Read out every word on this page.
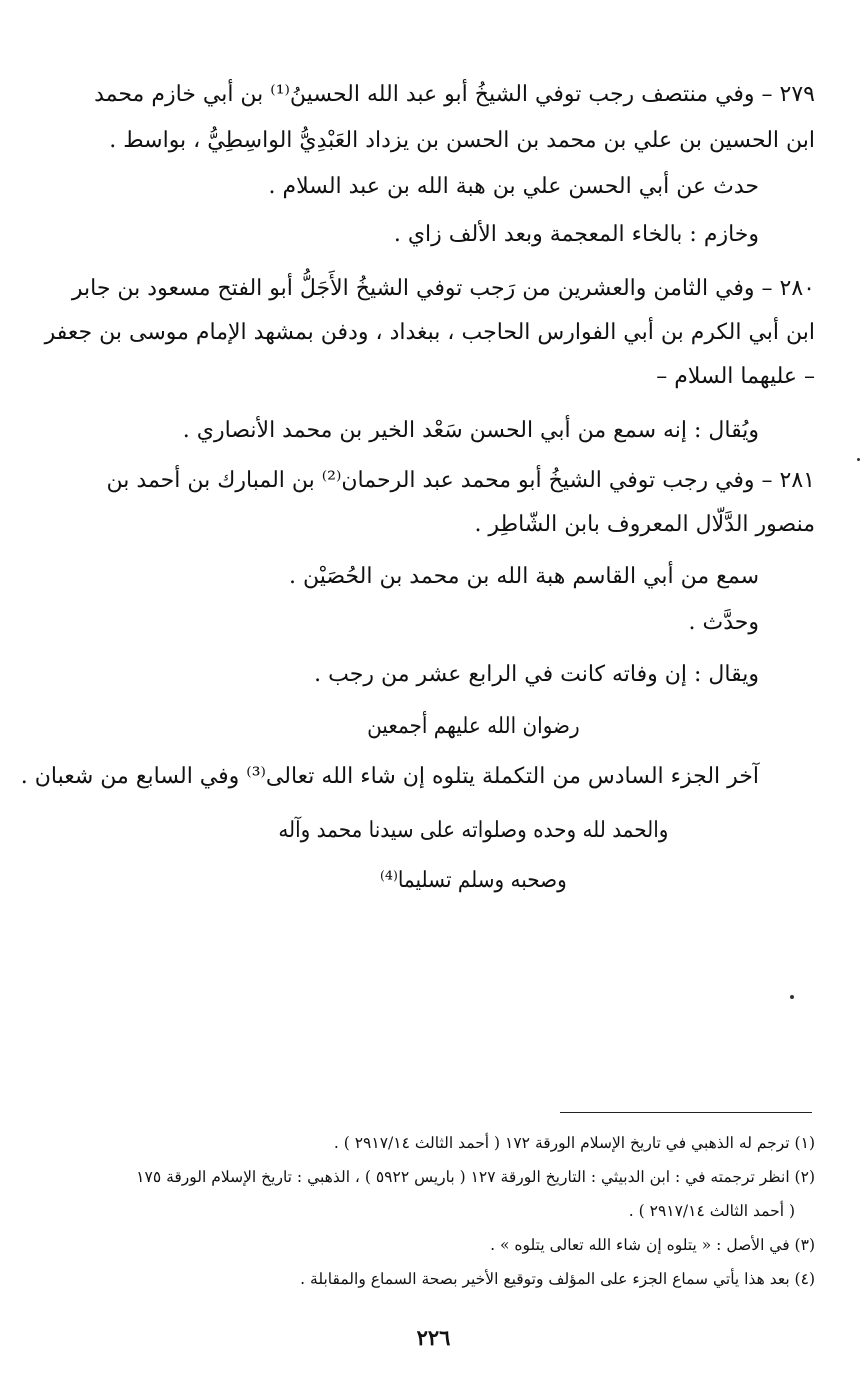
٢٧٩ – وفي منتصف رجب توفي الشيخُ أبو عبد الله الحسينُ⁽¹⁾ بن أبي خازم محمد
ابن الحسين بن علي بن محمد بن الحسن بن يزداد العَبْدِيُّ الواسِطِيُّ ، بواسط .
حدث عن أبي الحسن علي بن هبة الله بن عبد السلام .
وخازم : بالخاء المعجمة وبعد الألف زاي .
٢٨٠ – وفي الثامن والعشرين من رَجب توفي الشيخُ الأَجَلُّ أبو الفتح مسعود بن جابر
ابن أبي الكرم بن أبي الفوارس الحاجب ، ببغداد ، ودفن بمشهد الإمام موسى بن جعفر
– عليهما السلام –
ويُقال : إنه سمع من أبي الحسن سَعْد الخير بن محمد الأنصاري .
٢٨١ – وفي رجب توفي الشيخُ أبو محمد عبد الرحمان⁽²⁾ بن المبارك بن أحمد بن
منصور الدَّلّال المعروف بابن الشّاطِر .
سمع من أبي القاسم هبة الله بن محمد بن الحُصَيْن .
وحدَّث .
ويقال : إن وفاته كانت في الرابع عشر من رجب .
رضوان الله عليهم أجمعين
آخر الجزء السادس من التكملة يتلوه إن شاء الله تعالى⁽³⁾ وفي السابع من شعبان .
والحمد لله وحده وصلواته على سيدنا محمد وآله
وصحبه وسلم تسليما⁽⁴⁾
(١) ترجم له الذهبي في تاريخ الإسلام الورقة ١٧٢ ( أحمد الثالث ٢٩١٧/١٤ ) .
(٢) انظر ترجمته في : ابن الدبيثي : التاريخ الورقة ١٢٧ ( باريس ٥٩٢٢ ) ، الذهبي : تاريخ الإسلام الورقة ١٧٥
( أحمد الثالث ٢٩١٧/١٤ ) .
(٣) في الأصل : « يتلوه إن شاء الله تعالى يتلوه » .
(٤) بعد هذا يأتي سماع الجزء على المؤلف وتوقيع الأخير بصحة السماع والمقابلة .
٢٢٦
